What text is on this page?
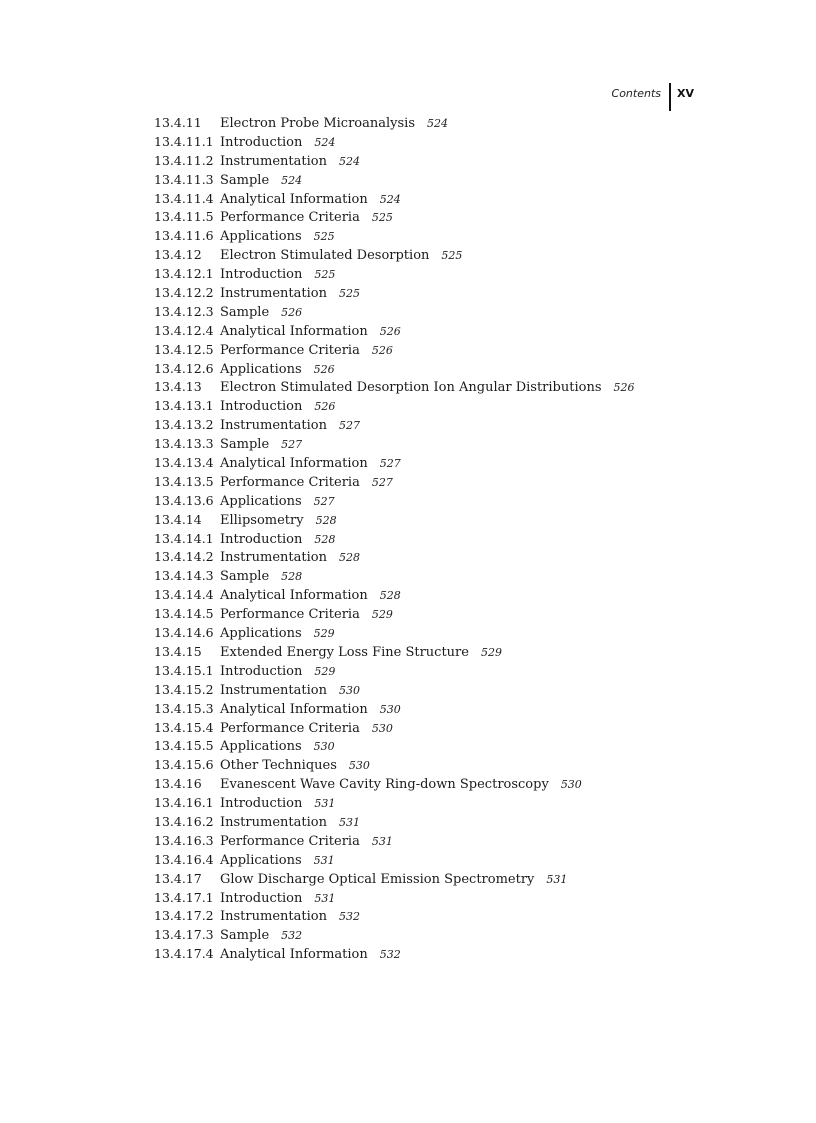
Contents XV
13.4.11 Electron Probe Microanalysis 524
13.4.11.1 Introduction 524
13.4.11.2 Instrumentation 524
13.4.11.3 Sample 524
13.4.11.4 Analytical Information 524
13.4.11.5 Performance Criteria 525
13.4.11.6 Applications 525
13.4.12 Electron Stimulated Desorption 525
13.4.12.1 Introduction 525
13.4.12.2 Instrumentation 525
13.4.12.3 Sample 526
13.4.12.4 Analytical Information 526
13.4.12.5 Performance Criteria 526
13.4.12.6 Applications 526
13.4.13 Electron Stimulated Desorption Ion Angular Distributions 526
13.4.13.1 Introduction 526
13.4.13.2 Instrumentation 527
13.4.13.3 Sample 527
13.4.13.4 Analytical Information 527
13.4.13.5 Performance Criteria 527
13.4.13.6 Applications 527
13.4.14 Ellipsometry 528
13.4.14.1 Introduction 528
13.4.14.2 Instrumentation 528
13.4.14.3 Sample 528
13.4.14.4 Analytical Information 528
13.4.14.5 Performance Criteria 529
13.4.14.6 Applications 529
13.4.15 Extended Energy Loss Fine Structure 529
13.4.15.1 Introduction 529
13.4.15.2 Instrumentation 530
13.4.15.3 Analytical Information 530
13.4.15.4 Performance Criteria 530
13.4.15.5 Applications 530
13.4.15.6 Other Techniques 530
13.4.16 Evanescent Wave Cavity Ring-down Spectroscopy 530
13.4.16.1 Introduction 531
13.4.16.2 Instrumentation 531
13.4.16.3 Performance Criteria 531
13.4.16.4 Applications 531
13.4.17 Glow Discharge Optical Emission Spectrometry 531
13.4.17.1 Introduction 531
13.4.17.2 Instrumentation 532
13.4.17.3 Sample 532
13.4.17.4 Analytical Information 532
